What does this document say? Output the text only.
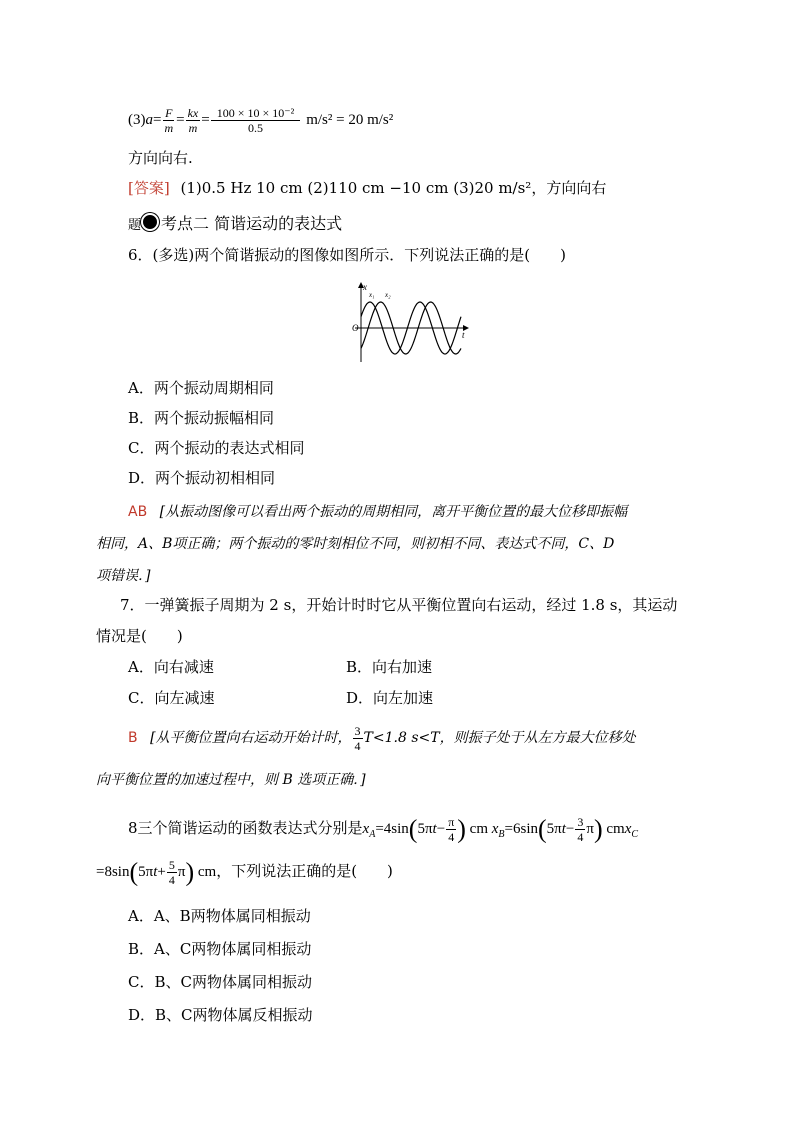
$(3)a= \frac{F}{m} = \frac{kx}{m} = \frac{\text{100 × 10 × 10⁻²}}{0.5} m/s^2 = 20$ m/s²
方向向右.
[答案] (1)0.5 Hz 10 cm (2)110 cm −10 cm (3)20 m/s²，方向向右
题 考点二 简谐运动的表达式
6．(多选)两个简谐振动的图像如图所示．下列说法正确的是(　　)
x
x₁ x₂
O
t
A．两个振动周期相同
B．两个振动振幅相同
C．两个振动的表达式相同
D．两个振动初相相同
AB [从振动图像可以看出两个振动的周期相同，离开平衡位置的最大位移即振幅
相同，A、B项正确；两个振动的零时刻相位不同，则初相不同、表达式不同，C、D
项错误．]
7．一弹簧振子周期为 2 s，开始计时时它从平衡位置向右运动，经过 1.8 s，其运动
情况是(　　)
A．向右减速	B．向右加速
C．向左减速	D．向左加速
B [从平衡位置向右运动开始计时， $\frac{3}{4} T<1.8$ s<T，则振子处于从左方最大位移处
向平衡位置的加速过程中，则 B 选项正确．]
8三个简谐运动的函数表达式分别是$x_A=4\sin(5\pi t- \frac{\pi}{4}$ ) cm $x_B=6\sin(5\pi t- \frac{3}{4} \pi)$ cmx$_C$
$=8\sin(5\pi t+ \frac{5}{4} \pi)$ cm，下列说法正确的是(　　)
A．A、B两物体属同相振动
B．A、C两物体属同相振动
C．B、C两物体属同相振动
D．B、C两物体属反相振动
